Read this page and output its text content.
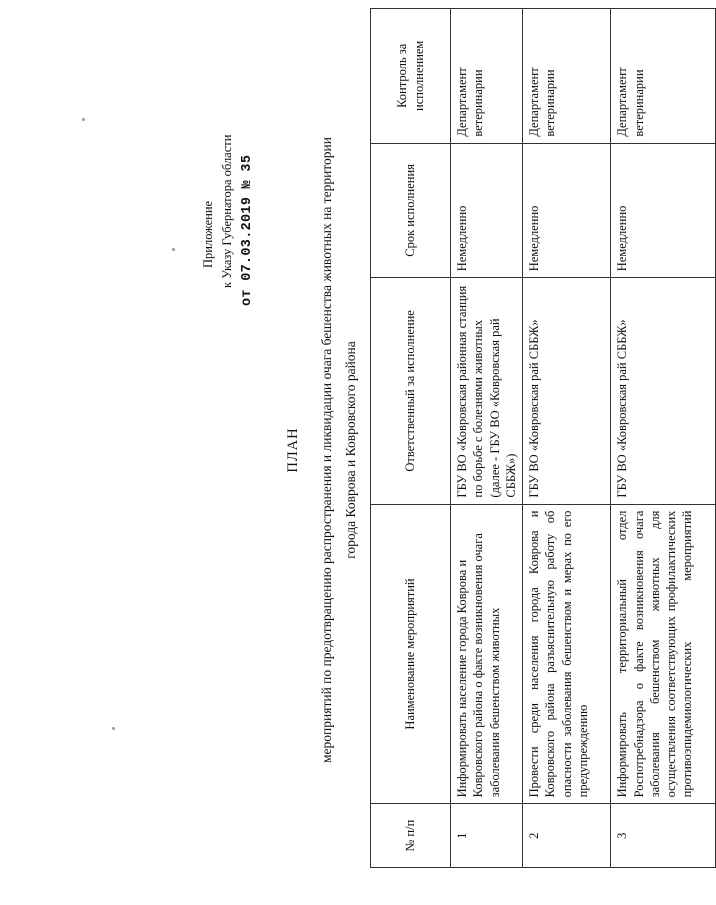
Приложение к Указу Губернатора области от 07.03.2019 № 35
ПЛАН мероприятий по предотвращению распространения и ликвидации очага бешенства животных на территории города Коврова и Ковровского района
№ п/п	Наименование мероприятий	Ответственный за исполнение	Срок исполнения	Контроль за исполнением
1	Информировать население города Коврова и Ковровского района о факте возникновения очага заболевания бешенством животных	ГБУ ВО «Ковровская районная станция по борьбе с болезнями животных (далее - ГБУ ВО «Ковровская рай СББЖ»)	Немедленно	Департамент ветеринарии
2	Провести среди населения города Коврова и Ковровского района разъяснительную работу об опасности заболевания бешенством и мерах по его предупреждению	ГБУ ВО «Ковровская рай СББЖ»	Немедленно	Департамент ветеринарии
3	Информировать территориальный отдел Роспотребнадзора о факте возникновения очага заболевания бешенством животных для осуществления соответствующих профилактических противоэпидемиологических мероприятий	ГБУ ВО «Ковровская рай СББЖ»	Немедленно	Департамент ветеринарии
